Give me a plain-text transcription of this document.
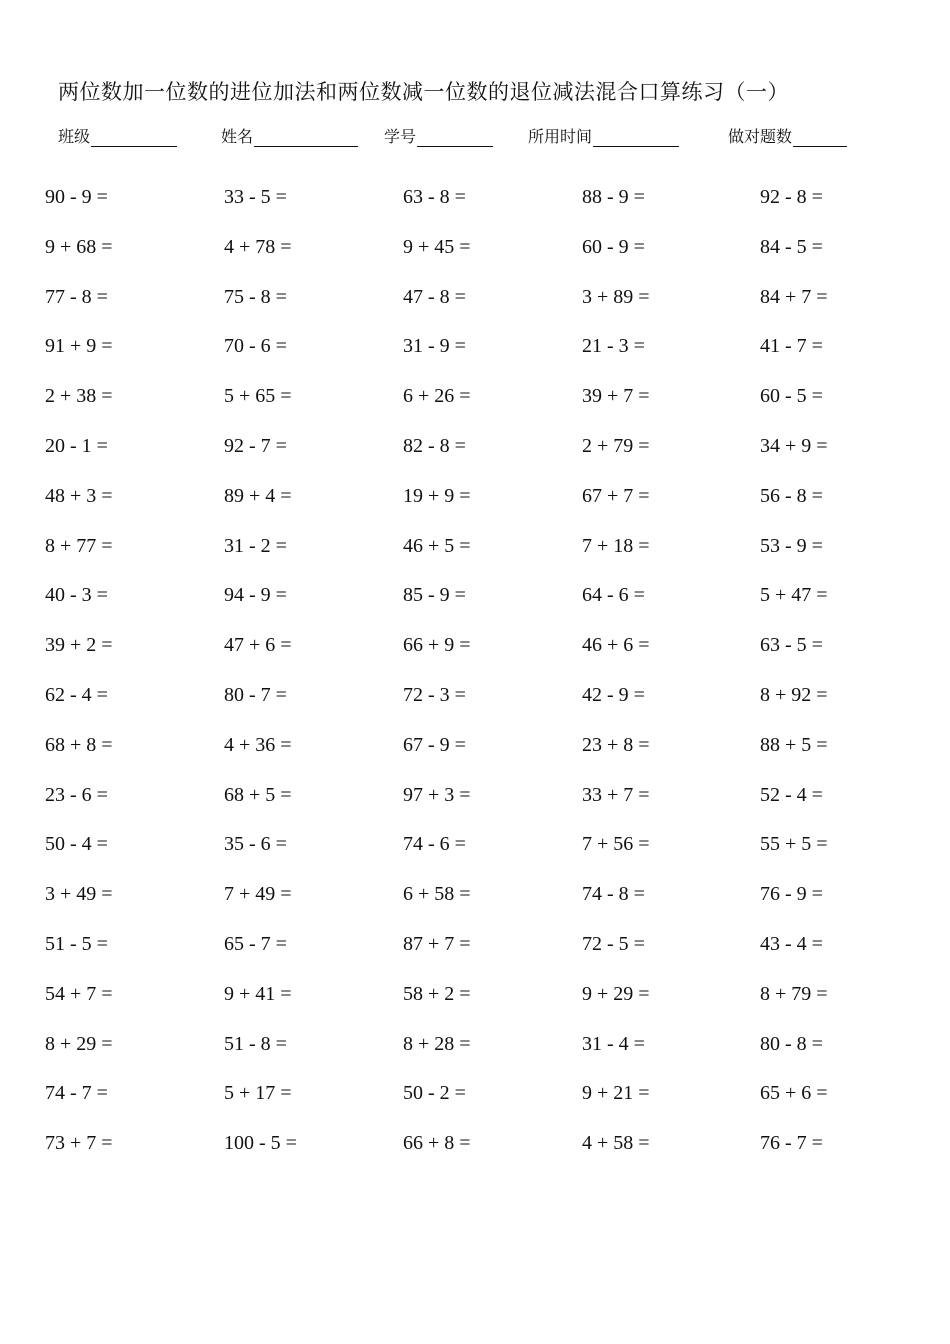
两位数加一位数的进位加法和两位数减一位数的退位减法混合口算练习（一）
班级	姓名	学号	所用时间	做对题数
90 - 9 =	33 - 5 =	63 - 8 =	88 - 9 =	92 - 8 =
9 + 68 =	4 + 78 =	9 + 45 =	60 - 9 =	84 - 5 =
77 - 8 =	75 - 8 =	47 - 8 =	3 + 89 =	84 + 7 =
91 + 9 =	70 - 6 =	31 - 9 =	21 - 3 =	41 - 7 =
2 + 38 =	5 + 65 =	6 + 26 =	39 + 7 =	60 - 5 =
20 - 1 =	92 - 7 =	82 - 8 =	2 + 79 =	34 + 9 =
48 + 3 =	89 + 4 =	19 + 9 =	67 + 7 =	56 - 8 =
8 + 77 =	31 - 2 =	46 + 5 =	7 + 18 =	53 - 9 =
40 - 3 =	94 - 9 =	85 - 9 =	64 - 6 =	5 + 47 =
39 + 2 =	47 + 6 =	66 + 9 =	46 + 6 =	63 - 5 =
62 - 4 =	80 - 7 =	72 - 3 =	42 - 9 =	8 + 92 =
68 + 8 =	4 + 36 =	67 - 9 =	23 + 8 =	88 + 5 =
23 - 6 =	68 + 5 =	97 + 3 =	33 + 7 =	52 - 4 =
50 - 4 =	35 - 6 =	74 - 6 =	7 + 56 =	55 + 5 =
3 + 49 =	7 + 49 =	6 + 58 =	74 - 8 =	76 - 9 =
51 - 5 =	65 - 7 =	87 + 7 =	72 - 5 =	43 - 4 =
54 + 7 =	9 + 41 =	58 + 2 =	9 + 29 =	8 + 79 =
8 + 29 =	51 - 8 =	8 + 28 =	31 - 4 =	80 - 8 =
74 - 7 =	5 + 17 =	50 - 2 =	9 + 21 =	65 + 6 =
73 + 7 =	100 - 5 =	66 + 8 =	4 + 58 =	76 - 7 =
